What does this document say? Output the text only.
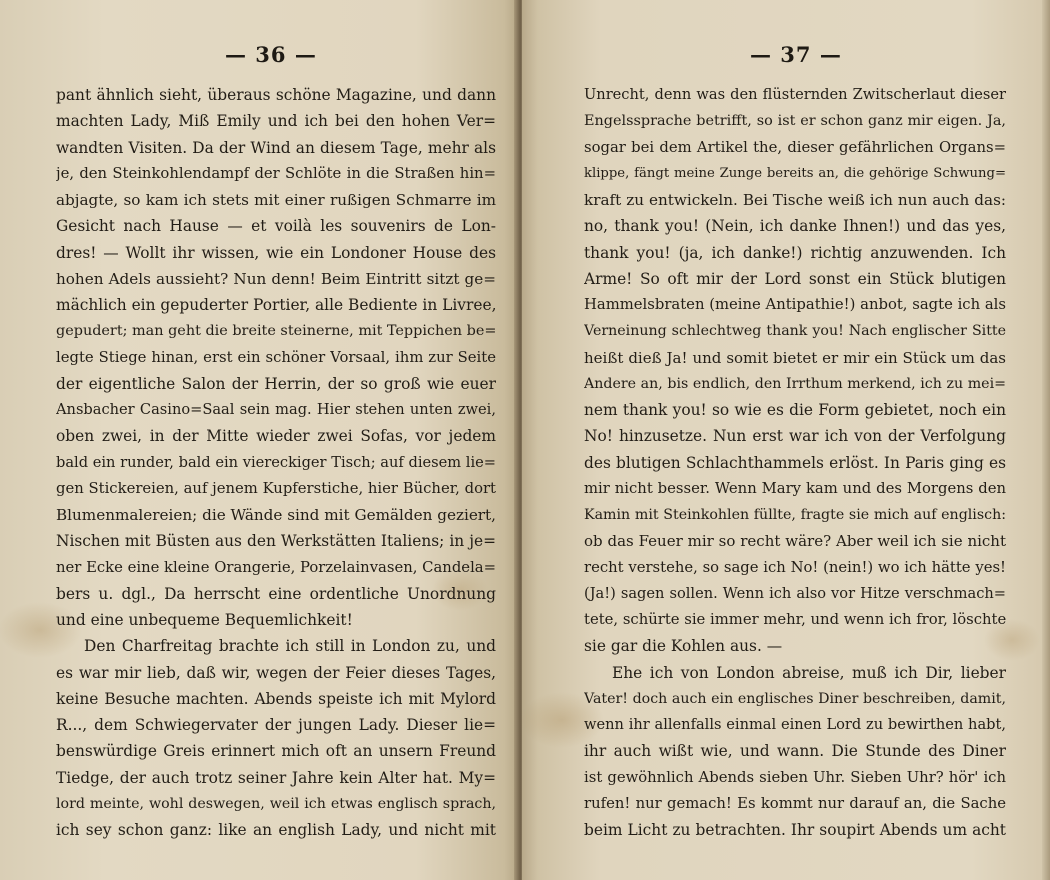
— 36 —
pant ähnlich sieht, überaus schöne Magazine, und dann
machten Lady, Miß Emily und ich bei den hohen Ver=
wandten Visiten. Da der Wind an diesem Tage, mehr als
je, den Steinkohlendampf der Schlöte in die Straßen hin=
abjagte, so kam ich stets mit einer rußigen Schmarre im
Gesicht nach Hause — et voilà les souvenirs de Lon-
dres! — Wollt ihr wissen, wie ein Londoner House des
hohen Adels aussieht? Nun denn! Beim Eintritt sitzt ge=
mächlich ein gepuderter Portier, alle Bediente in Livree,
gepudert; man geht die breite steinerne, mit Teppichen be=
legte Stiege hinan, erst ein schöner Vorsaal, ihm zur Seite
der eigentliche Salon der Herrin, der so groß wie euer
Ansbacher Casino=Saal sein mag. Hier stehen unten zwei,
oben zwei, in der Mitte wieder zwei Sofas, vor jedem
bald ein runder, bald ein viereckiger Tisch; auf diesem lie=
gen Stickereien, auf jenem Kupferstiche, hier Bücher, dort
Blumenmalereien; die Wände sind mit Gemälden geziert,
Nischen mit Büsten aus den Werkstätten Italiens; in je=
ner Ecke eine kleine Orangerie, Porzelainvasen, Candela=
bers u. dgl., Da herrscht eine ordentliche Unordnung
und eine unbequeme Bequemlichkeit!
Den Charfreitag brachte ich still in London zu, und
es war mir lieb, daß wir, wegen der Feier dieses Tages,
keine Besuche machten. Abends speiste ich mit Mylord
R..., dem Schwiegervater der jungen Lady. Dieser lie=
benswürdige Greis erinnert mich oft an unsern Freund
Tiedge, der auch trotz seiner Jahre kein Alter hat. My=
lord meinte, wohl deswegen, weil ich etwas englisch sprach,
ich sey schon ganz: like an english Lady, und nicht mit
— 37 —
Unrecht, denn was den flüsternden Zwitscherlaut dieser
Engelssprache betrifft, so ist er schon ganz mir eigen. Ja,
sogar bei dem Artikel the, dieser gefährlichen Organs=
klippe, fängt meine Zunge bereits an, die gehörige Schwung=
kraft zu entwickeln. Bei Tische weiß ich nun auch das:
no, thank you! (Nein, ich danke Ihnen!) und das yes,
thank you! (ja, ich danke!) richtig anzuwenden. Ich
Arme! So oft mir der Lord sonst ein Stück blutigen
Hammelsbraten (meine Antipathie!) anbot, sagte ich als
Verneinung schlechtweg thank you! Nach englischer Sitte
heißt dieß Ja! und somit bietet er mir ein Stück um das
Andere an, bis endlich, den Irrthum merkend, ich zu mei=
nem thank you! so wie es die Form gebietet, noch ein
No! hinzusetze. Nun erst war ich von der Verfolgung
des blutigen Schlachthammels erlöst. In Paris ging es
mir nicht besser. Wenn Mary kam und des Morgens den
Kamin mit Steinkohlen füllte, fragte sie mich auf englisch:
ob das Feuer mir so recht wäre? Aber weil ich sie nicht
recht verstehe, so sage ich No! (nein!) wo ich hätte yes!
(Ja!) sagen sollen. Wenn ich also vor Hitze verschmach=
tete, schürte sie immer mehr, und wenn ich fror, löschte
sie gar die Kohlen aus. —
Ehe ich von London abreise, muß ich Dir, lieber
Vater! doch auch ein englisches Diner beschreiben, damit,
wenn ihr allenfalls einmal einen Lord zu bewirthen habt,
ihr auch wißt wie, und wann. Die Stunde des Diner
ist gewöhnlich Abends sieben Uhr. Sieben Uhr? hör' ich
rufen! nur gemach! Es kommt nur darauf an, die Sache
beim Licht zu betrachten. Ihr soupirt Abends um acht
